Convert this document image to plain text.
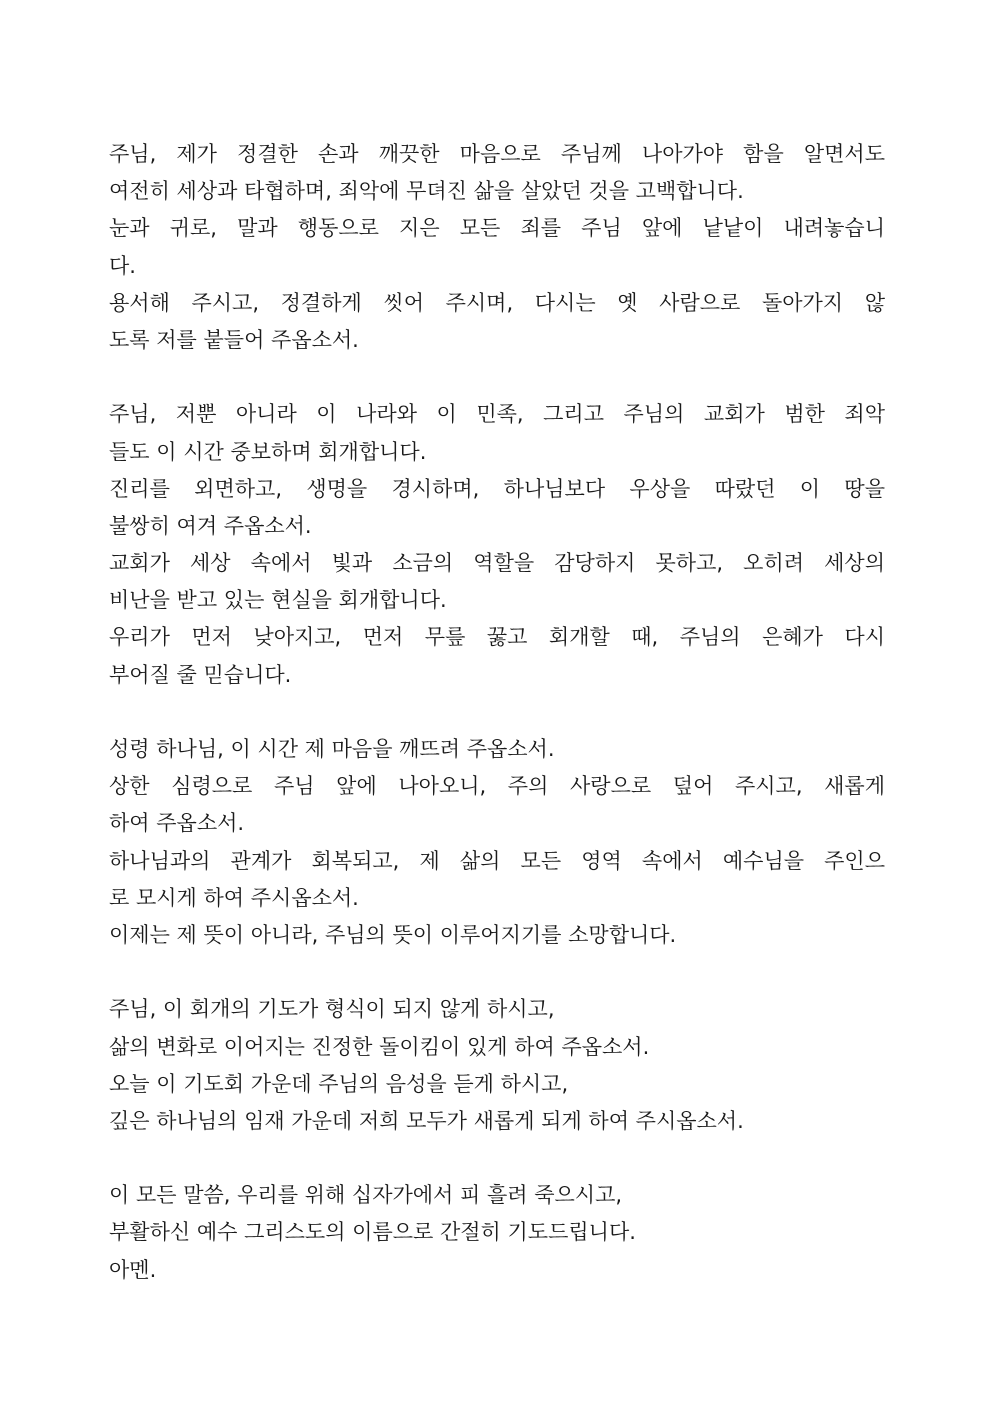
주님, 제가 정결한 손과 깨끗한 마음으로 주님께 나아가야 함을 알면서도
여전히 세상과 타협하며, 죄악에 무뎌진 삶을 살았던 것을 고백합니다.
눈과 귀로, 말과 행동으로 지은 모든 죄를 주님 앞에 낱낱이 내려놓습니
다.
용서해 주시고, 정결하게 씻어 주시며, 다시는 옛 사람으로 돌아가지 않
도록 저를 붙들어 주옵소서.
주님, 저뿐 아니라 이 나라와 이 민족, 그리고 주님의 교회가 범한 죄악
들도 이 시간 중보하며 회개합니다.
진리를 외면하고, 생명을 경시하며, 하나님보다 우상을 따랐던 이 땅을
불쌍히 여겨 주옵소서.
교회가 세상 속에서 빛과 소금의 역할을 감당하지 못하고, 오히려 세상의
비난을 받고 있는 현실을 회개합니다.
우리가 먼저 낮아지고, 먼저 무릎 꿇고 회개할 때, 주님의 은혜가 다시
부어질 줄 믿습니다.
성령 하나님, 이 시간 제 마음을 깨뜨려 주옵소서.
상한 심령으로 주님 앞에 나아오니, 주의 사랑으로 덮어 주시고, 새롭게
하여 주옵소서.
하나님과의 관계가 회복되고, 제 삶의 모든 영역 속에서 예수님을 주인으
로 모시게 하여 주시옵소서.
이제는 제 뜻이 아니라, 주님의 뜻이 이루어지기를 소망합니다.
주님, 이 회개의 기도가 형식이 되지 않게 하시고,
삶의 변화로 이어지는 진정한 돌이킴이 있게 하여 주옵소서.
오늘 이 기도회 가운데 주님의 음성을 듣게 하시고,
깊은 하나님의 임재 가운데 저희 모두가 새롭게 되게 하여 주시옵소서.
이 모든 말씀, 우리를 위해 십자가에서 피 흘려 죽으시고,
부활하신 예수 그리스도의 이름으로 간절히 기도드립니다.
아멘.
